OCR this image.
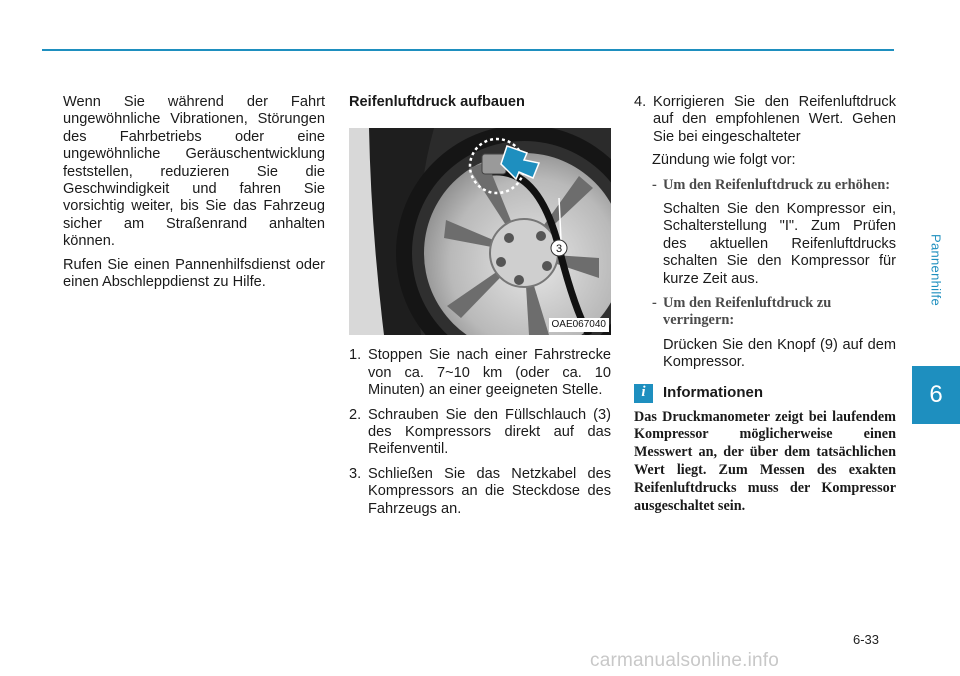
Pannenhilfe
6

Wenn Sie während der Fahrt ungewöhnliche Vibrationen, Störungen des Fahrbetriebs oder eine ungewöhnliche Geräuschentwicklung feststellen, reduzieren Sie die Geschwindigkeit und fahren Sie vorsichtig weiter, bis Sie das Fahrzeug sicher am Straßenrand anhalten können.

Rufen Sie einen Pannenhilfsdienst oder einen Abschleppdienst zu Hilfe.

Reifenluftdruck aufbauen
3
OAE067040
1. Stoppen Sie nach einer Fahrstrecke von ca. 7~10 km (oder ca. 10 Minuten) an einer geeigneten Stelle.
2. Schrauben Sie den Füllschlauch (3) des Kompressors direkt auf das Reifenventil.
3. Schließen Sie das Netzkabel des Kompressors an die Steckdose des Fahrzeugs an.
4. Korrigieren Sie den Reifenluftdruck auf den empfohlenen Wert. Gehen Sie bei eingeschalteter
Zündung wie folgt vor:
- Um den Reifenluftdruck zu erhöhen:
Schalten Sie den Kompressor ein, Schalterstellung "I". Zum Prüfen des aktuellen Reifenluftdrucks schalten Sie den Kompressor für kurze Zeit aus.
- Um den Reifenluftdruck zu verringern:
Drücken Sie den Knopf (9) auf dem Kompressor.
i	Informationen

Das Druckmanometer zeigt bei laufendem Kompressor möglicherweise einen Messwert an, der über dem tatsächlichen Wert liegt. Zum Messen des exakten Reifenluftdrucks muss der Kompressor ausgeschaltet sein.

6-33
carmanualsonline.info
